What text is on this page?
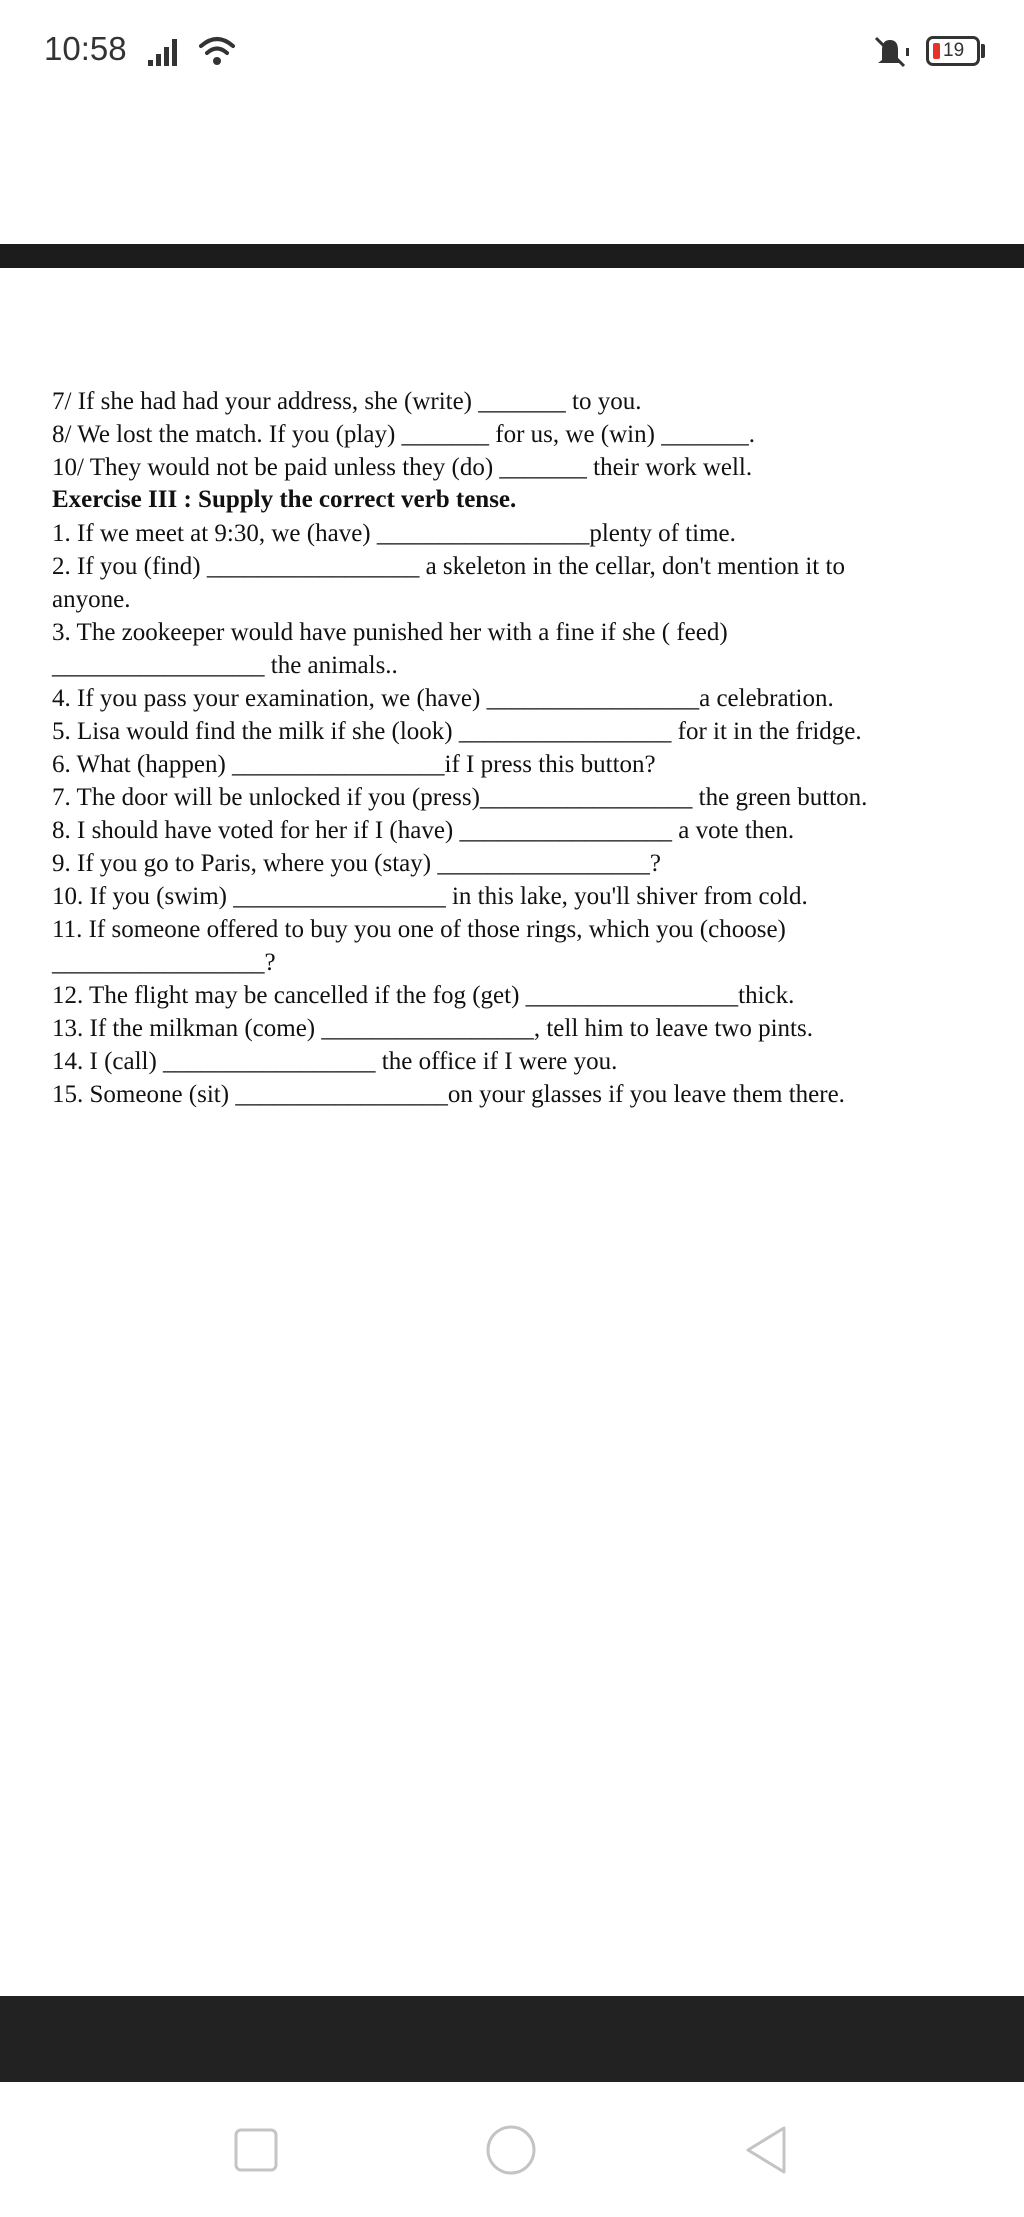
10:58	19

7/ If she had had your address, she (write) _______ to you.

8/ We lost the match. If you (play) _______ for us, we (win) _______.

10/ They would not be paid unless they (do) _______ their work well.

Exercise III : Supply the correct verb tense.

1. If we meet at 9:30, we (have) _________________plenty of time.

2. If you (find) _________________ a skeleton in the cellar, don't mention it to

anyone.

3. The zookeeper would have punished her with a fine if she ( feed)

_________________ the animals..

4. If you pass your examination, we (have) _________________a celebration.

5. Lisa would find the milk if she (look) _________________ for it in the fridge.

6. What (happen) _________________if I press this button?

7. The door will be unlocked if you (press)_________________ the green button.

8. I should have voted for her if I (have) _________________ a vote then.

9. If you go to Paris, where you (stay) _________________?

10. If you (swim) _________________ in this lake, you'll shiver from cold.

11. If someone offered to buy you one of those rings, which you (choose)

_________________?

12. The flight may be cancelled if the fog (get) _________________thick.

13. If the milkman (come) _________________, tell him to leave two pints.

14. I (call) _________________ the office if I were you.

15. Someone (sit) _________________on your glasses if you leave them there.
